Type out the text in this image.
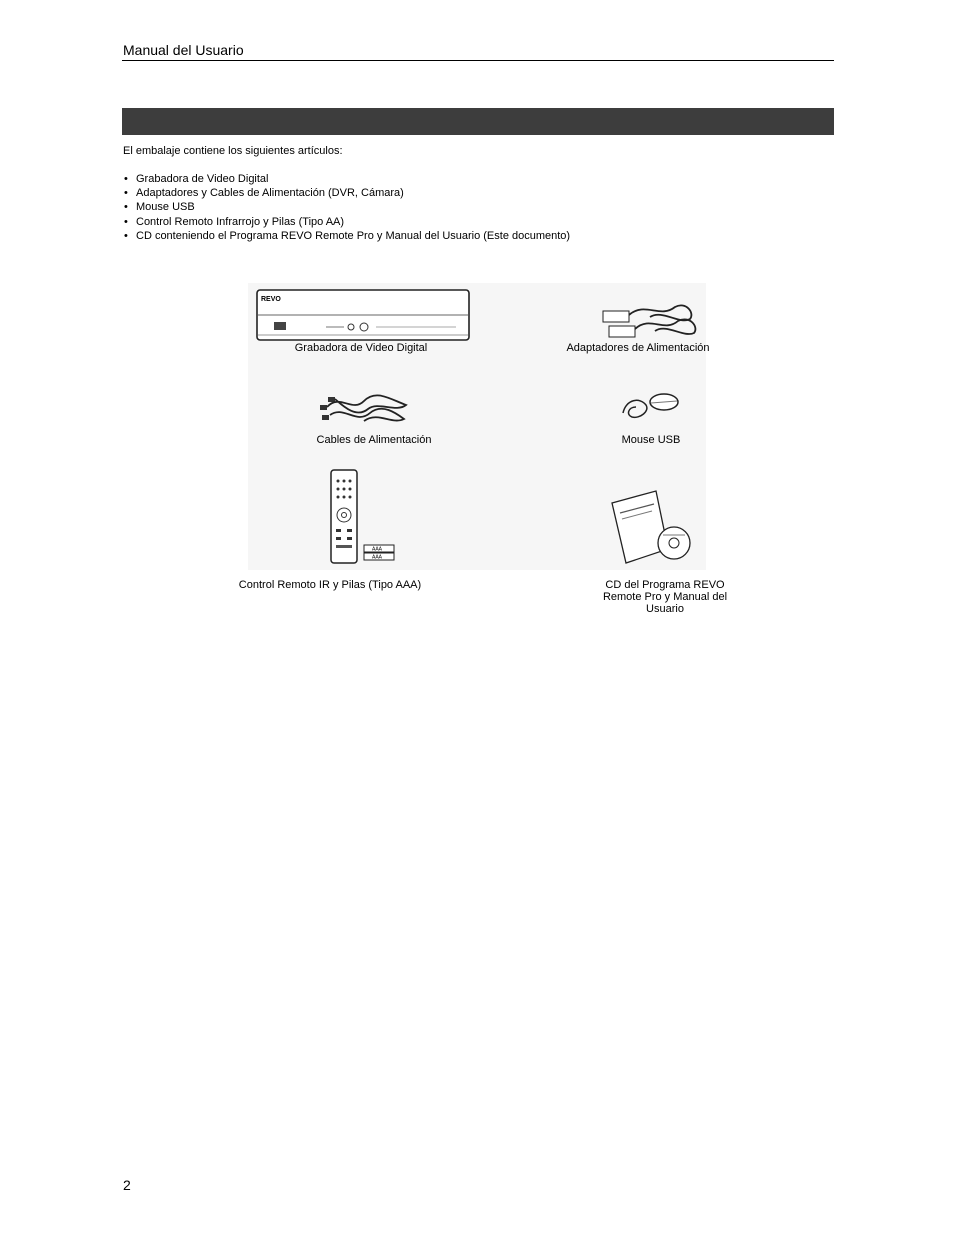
Manual del Usuario
El embalaje contiene los siguientes artículos:
• Grabadora de Video Digital
• Adaptadores y Cables de Alimentación (DVR, Cámara)
• Mouse USB
• Control Remoto Infrarrojo y Pilas (Tipo AA)
• CD conteniendo el Programa REVO Remote Pro y Manual del Usuario (Este documento)
REVO
AAA
AAA
Grabadora de Video Digital	Adaptadores de Alimentación
Cables de Alimentación	Mouse USB
Control Remoto IR y Pilas (Tipo AAA)	CD del Programa REVO
Remote Pro y Manual del
Usuario
2
